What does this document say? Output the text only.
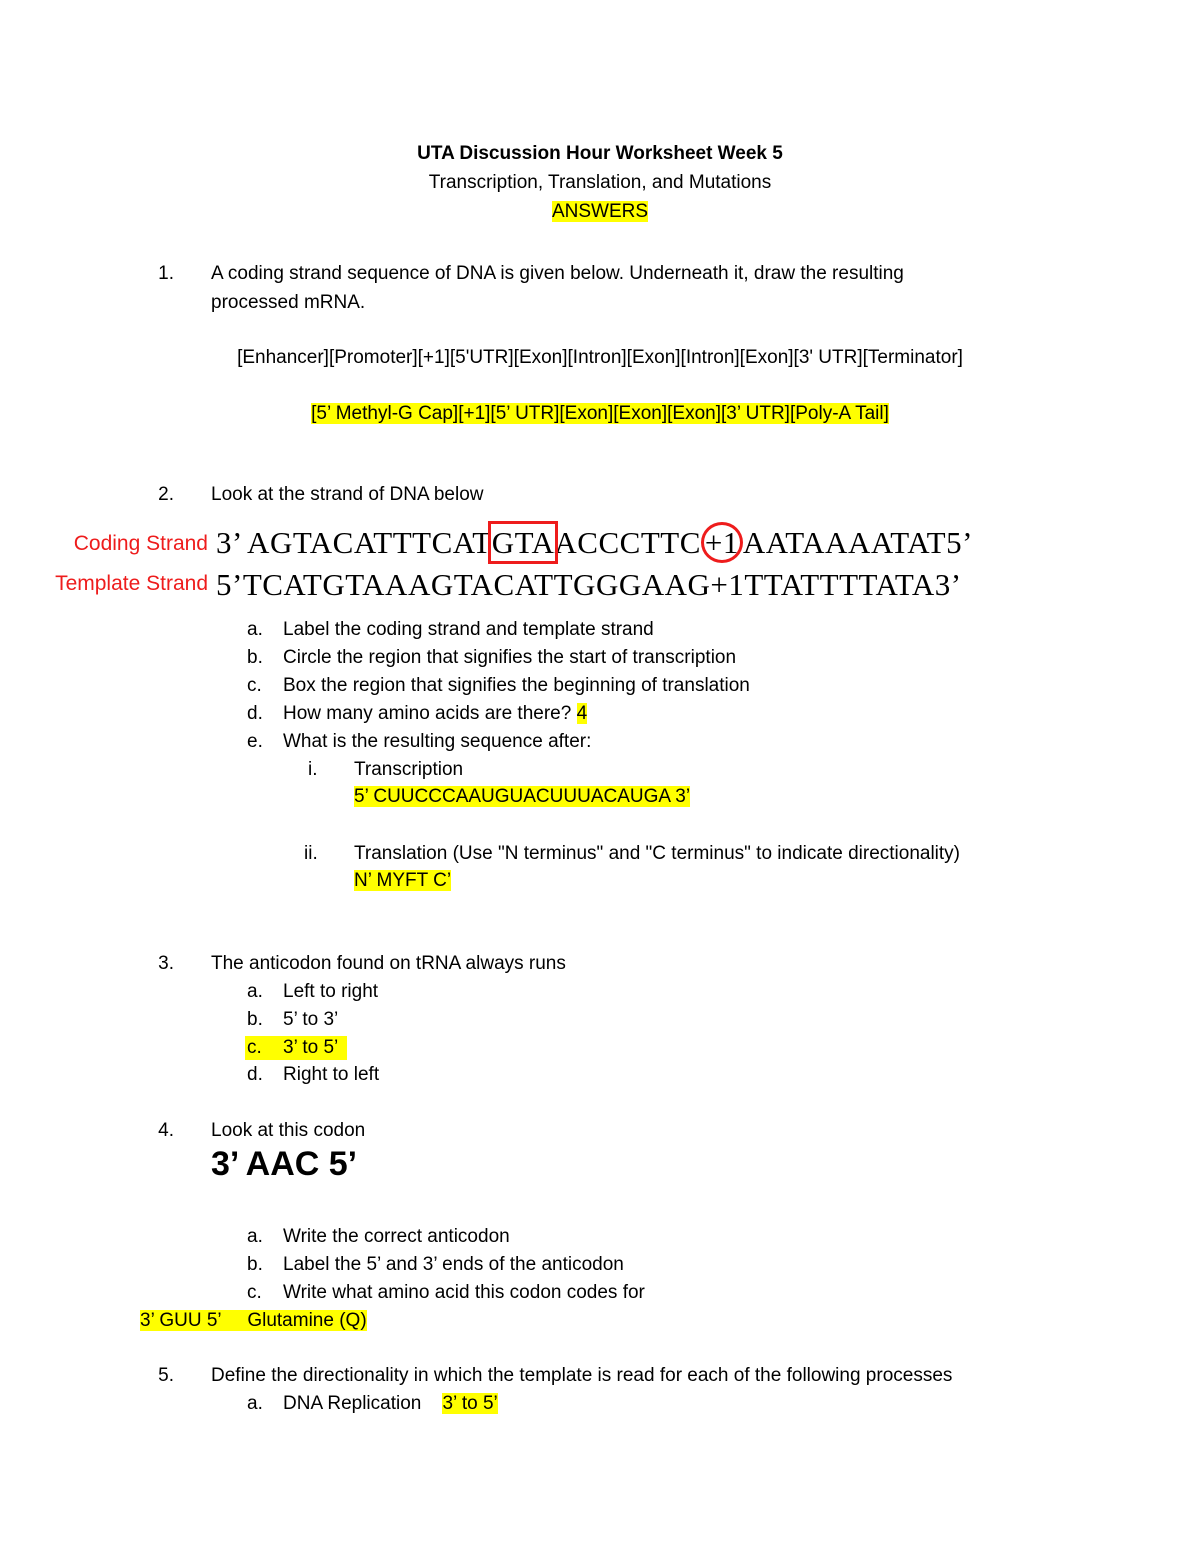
UTA Discussion Hour Worksheet Week 5
Transcription, Translation, and Mutations
ANSWERS
1. A coding strand sequence of DNA is given below. Underneath it, draw the resulting
processed mRNA.
[Enhancer][Promoter][+1][5'UTR][Exon][Intron][Exon][Intron][Exon][3' UTR][Terminator]
[5’ Methyl-G Cap][+1][5’ UTR][Exon][Exon][Exon][3’ UTR][Poly-A Tail]
2. Look at the strand of DNA below
Coding Strand
Template Strand
3’ AGTACATTTCATGTAACCCTTC +1 AATAAAATAT5’
5’TCATGTAAAGTACATTGGGAAG+1TTATTTTATA3’
a. Label the coding strand and template strand
b. Circle the region that signifies the start of transcription
c. Box the region that signifies the beginning of translation
d. How many amino acids are there? 4
e. What is the resulting sequence after:
i. Transcription
5’ CUUCCCAAUGUACUUUACAUGA 3’
ii. Translation (Use "N terminus" and "C terminus" to indicate directionality)
N’ MYFT C’
3. The anticodon found on tRNA always runs
a. Left to right
b. 5’ to 3’
c. 3’ to 5’
d. Right to left
4. Look at this codon
3’ AAC 5’
a. Write the correct anticodon
b. Label the 5’ and 3’ ends of the anticodon
c. Write what amino acid this codon codes for
3’ GUU 5’     Glutamine (Q)
5. Define the directionality in which the template is read for each of the following processes
a. DNA Replication 3’ to 5’
